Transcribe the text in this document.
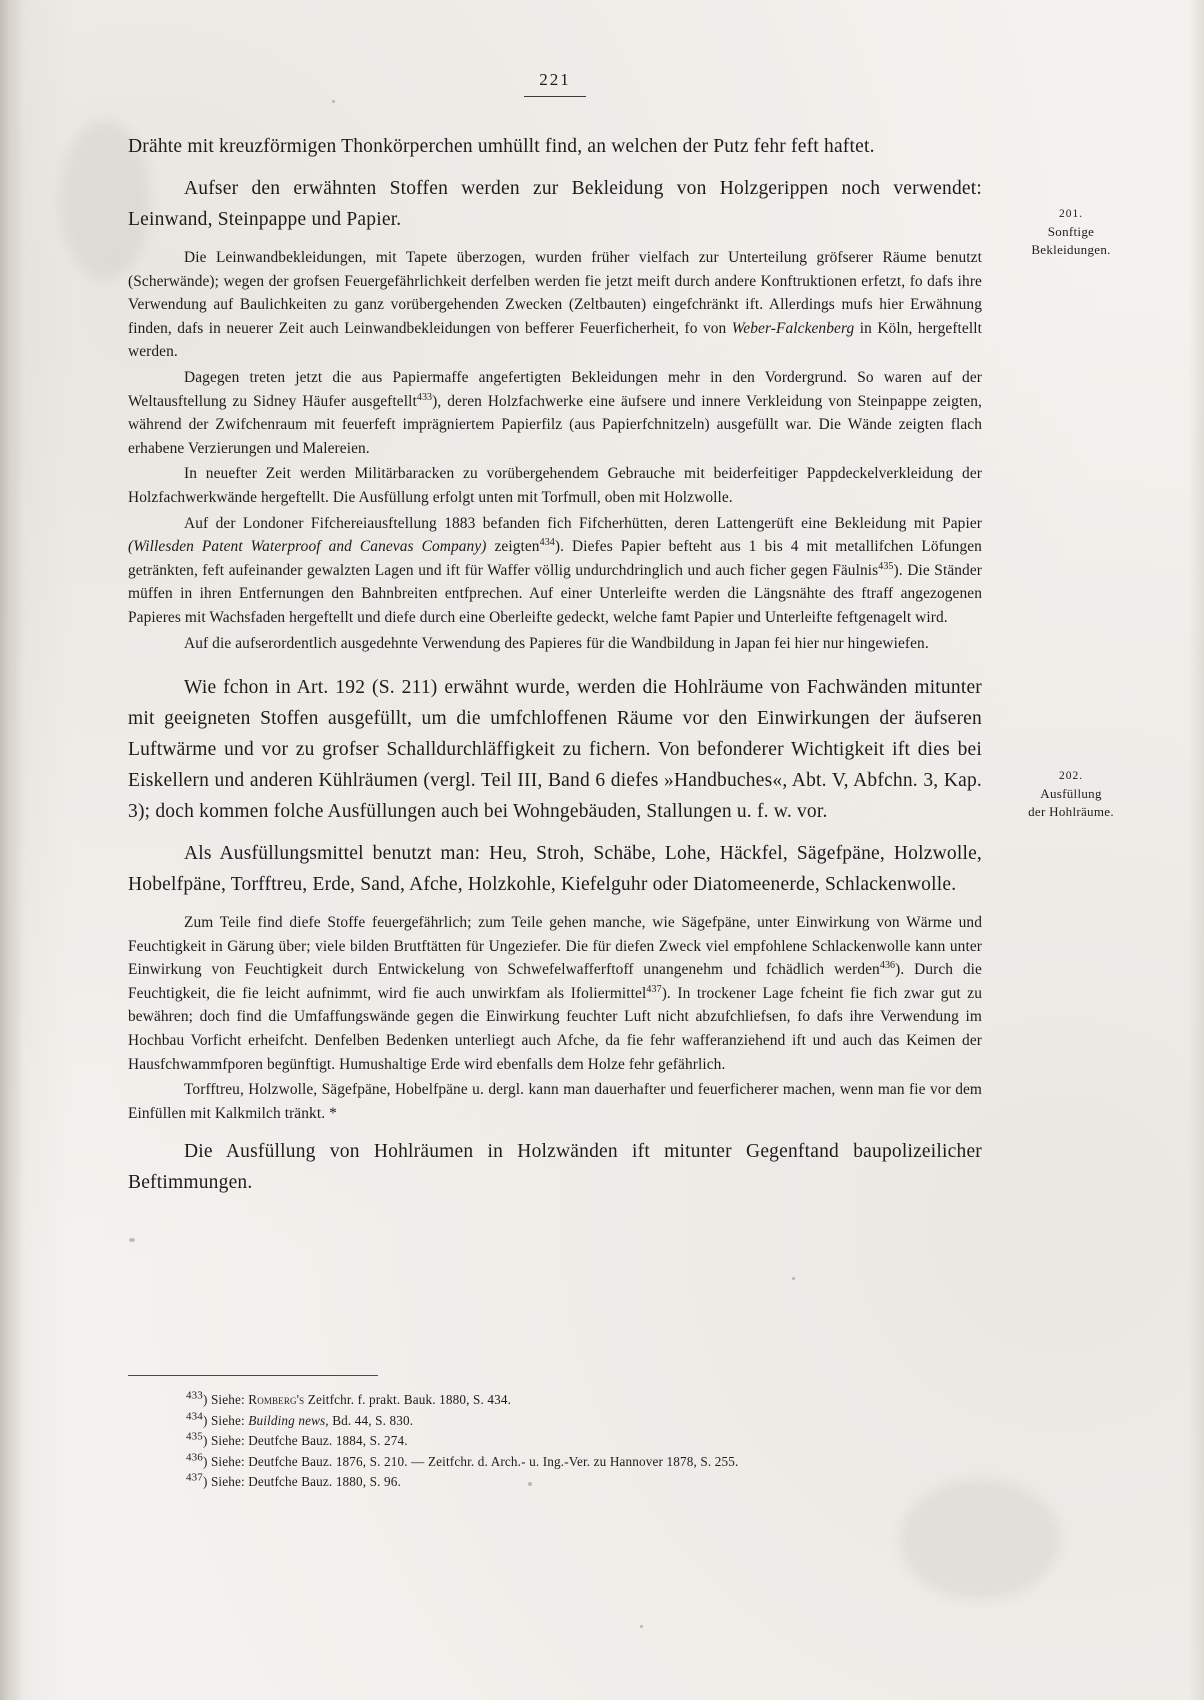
221

Drähte mit kreuzförmigen Thonkörperchen umhüllt find, an welchen der Putz fehr feft haftet.

Aufser den erwähnten Stoffen werden zur Bekleidung von Holzgerippen noch verwendet: Leinwand, Steinpappe und Papier.

Die Leinwandbekleidungen, mit Tapete überzogen, wurden früher vielfach zur Unterteilung gröfserer Räume benutzt (Scherwände); wegen der grofsen Feuergefährlichkeit derfelben werden fie jetzt meift durch andere Konftruktionen erfetzt, fo dafs ihre Verwendung auf Baulichkeiten zu ganz vorübergehenden Zwecken (Zeltbauten) eingefchränkt ift. Allerdings mufs hier Erwähnung finden, dafs in neuerer Zeit auch Leinwandbekleidungen von befferer Feuerficherheit, fo von Weber-Falckenberg in Köln, hergeftellt werden.

Dagegen treten jetzt die aus Papiermaffe angefertigten Bekleidungen mehr in den Vordergrund. So waren auf der Weltausftellung zu Sidney Häufer ausgeftellt$^{433}$), deren Holzfachwerke eine äufsere und innere Verkleidung von Steinpappe zeigten, während der Zwifchenraum mit feuerfeft imprägniertem Papierfilz (aus Papierfchnitzeln) ausgefüllt war. Die Wände zeigten flach erhabene Verzierungen und Malereien.

In neuefter Zeit werden Militärbaracken zu vorübergehendem Gebrauche mit beiderfeitiger Pappdeckelverkleidung der Holzfachwerkwände hergeftellt. Die Ausfüllung erfolgt unten mit Torfmull, oben mit Holzwolle.

Auf der Londoner Fifchereiausftellung 1883 befanden fich Fifcherhütten, deren Lattengerüft eine Bekleidung mit Papier (Willesden Patent Waterproof and Canevas Company) zeigten$^{434}$). Diefes Papier befteht aus 1 bis 4 mit metallifchen Löfungen getränkten, feft aufeinander gewalzten Lagen und ift für Waffer völlig undurchdringlich und auch ficher gegen Fäulnis$^{435}$). Die Ständer müffen in ihren Entfernungen den Bahnbreiten entfprechen. Auf einer Unterleifte werden die Längsnähte des ftraff angezogenen Papieres mit Wachsfaden hergeftellt und diefe durch eine Oberleifte gedeckt, welche famt Papier und Unterleifte feftgenagelt wird.

Auf die aufserordentlich ausgedehnte Verwendung des Papieres für die Wandbildung in Japan fei hier nur hingewiefen.

Wie fchon in Art. 192 (S. 211) erwähnt wurde, werden die Hohlräume von Fachwänden mitunter mit geeigneten Stoffen ausgefüllt, um die umfchloffenen Räume vor den Einwirkungen der äufseren Luftwärme und vor zu grofser Schalldurchläffigkeit zu fichern. Von befonderer Wichtigkeit ift dies bei Eiskellern und anderen Kühlräumen (vergl. Teil III, Band 6 diefes »Handbuches«, Abt. V, Abfchn. 3, Kap. 3); doch kommen folche Ausfüllungen auch bei Wohngebäuden, Stallungen u. f. w. vor.

Als Ausfüllungsmittel benutzt man: Heu, Stroh, Schäbe, Lohe, Häckfel, Sägefpäne, Holzwolle, Hobelfpäne, Torfftreu, Erde, Sand, Afche, Holzkohle, Kiefelguhr oder Diatomeenerde, Schlackenwolle.

Zum Teile find diefe Stoffe feuergefährlich; zum Teile gehen manche, wie Sägefpäne, unter Einwirkung von Wärme und Feuchtigkeit in Gärung über; viele bilden Brutftätten für Ungeziefer. Die für diefen Zweck viel empfohlene Schlackenwolle kann unter Einwirkung von Feuchtigkeit durch Entwickelung von Schwefelwafferftoff unangenehm und fchädlich werden$^{436}$). Durch die Feuchtigkeit, die fie leicht aufnimmt, wird fie auch unwirkfam als Ifoliermittel$^{437}$). In trockener Lage fcheint fie fich zwar gut zu bewähren; doch find die Umfaffungswände gegen die Einwirkung feuchter Luft nicht abzufchliefsen, fo dafs ihre Verwendung im Hochbau Vorficht erheifcht. Denfelben Bedenken unterliegt auch Afche, da fie fehr wafferanziehend ift und auch das Keimen der Hausfchwammfporen begünftigt. Humushaltige Erde wird ebenfalls dem Holze fehr gefährlich.

Torfftreu, Holzwolle, Sägefpäne, Hobelfpäne u. dergl. kann man dauerhafter und feuerficherer machen, wenn man fie vor dem Einfüllen mit Kalkmilch tränkt. *

Die Ausfüllung von Hohlräumen in Holzwänden ift mitunter Gegenftand baupolizeilicher Beftimmungen.

201.
Sonftige
Bekleidungen.
202.
Ausfüllung
der Hohlräume.
$^{433}$) Siehe: Romberg's Zeitfchr. f. prakt. Bauk. 1880, S. 434.
$^{434}$) Siehe: Building news, Bd. 44, S. 830.
$^{435}$) Siehe: Deutfche Bauz. 1884, S. 274.
$^{436}$) Siehe: Deutfche Bauz. 1876, S. 210. — Zeitfchr. d. Arch.- u. Ing.-Ver. zu Hannover 1878, S. 255.
$^{437}$) Siehe: Deutfche Bauz. 1880, S. 96.
